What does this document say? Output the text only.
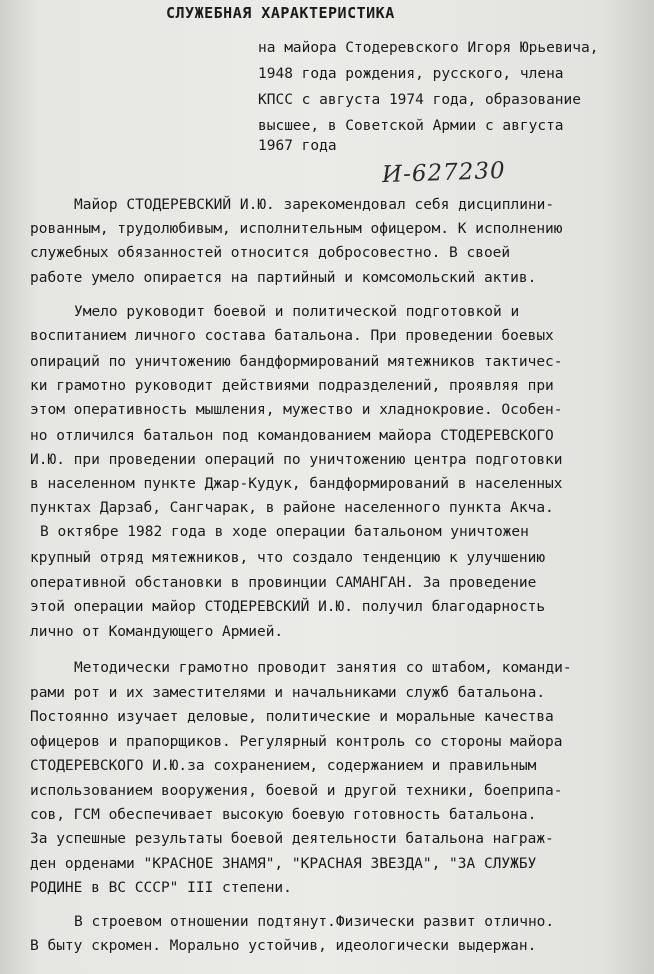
СЛУЖЕБНАЯ ХАРАКТЕРИСТИКА
на майора Стодеревского Игоря Юрьевича,
1948 года рождения, русского, члена
КПСС с августа 1974 года, образование
высшее, в Советской Армии с августа
1967 года
И-627230
Майор СТОДЕРЕВСКИЙ И.Ю. зарекомендовал себя дисциплини-
рованным, трудолюбивым, исполнительным офицером. К исполнению
служебных обязанностей относится добросовестно. В своей
работе умело опирается на партийный и комсомольский актив.
Умело руководит боевой и политической подготовкой и
воспитанием личного состава батальона. При проведении боевых
опираций по уничтожению бандформирований мятежников тактичес-
ки грамотно руководит действиями подразделений, проявляя при
этом оперативность мышления, мужество и хладнокровие. Особен-
но отличился батальон под командованием майора СТОДЕРЕВСКОГО
И.Ю. при проведении операций по уничтожению центра подготовки
в населенном пункте Джар-Кудук, бандформирований в населенных
пунктах Дарзаб, Сангчарак, в районе населенного пункта Акча.
В октябре 1982 года в ходе операции батальоном уничтожен
крупный отряд мятежников, что создало тенденцию к улучшению
оперативной обстановки в провинции САМАНГАН. За проведение
этой операции майор СТОДЕРЕВСКИЙ И.Ю. получил благодарность
лично от Командующего Армией.
Методически грамотно проводит занятия со штабом, команди-
рами рот и их заместителями и начальниками служб батальона.
Постоянно изучает деловые, политические и моральные качества
офицеров и прапорщиков. Регулярный контроль со стороны майора
СТОДЕРЕВСКОГО И.Ю.за сохранением, содержанием и правильным
использованием вооружения, боевой и другой техники, боеприпа-
сов, ГСМ обеспечивает высокую боевую готовность батальона.
За успешные результаты боевой деятельности батальона награж-
ден орденами "КРАСНОЕ ЗНАМЯ", "КРАСНАЯ ЗВЕЗДА", "ЗА СЛУЖБУ
РОДИНЕ в ВС СССР" III степени.
В строевом отношении подтянут.Физически развит отлично.
В быту скромен. Морально устойчив, идеологически выдержан.
